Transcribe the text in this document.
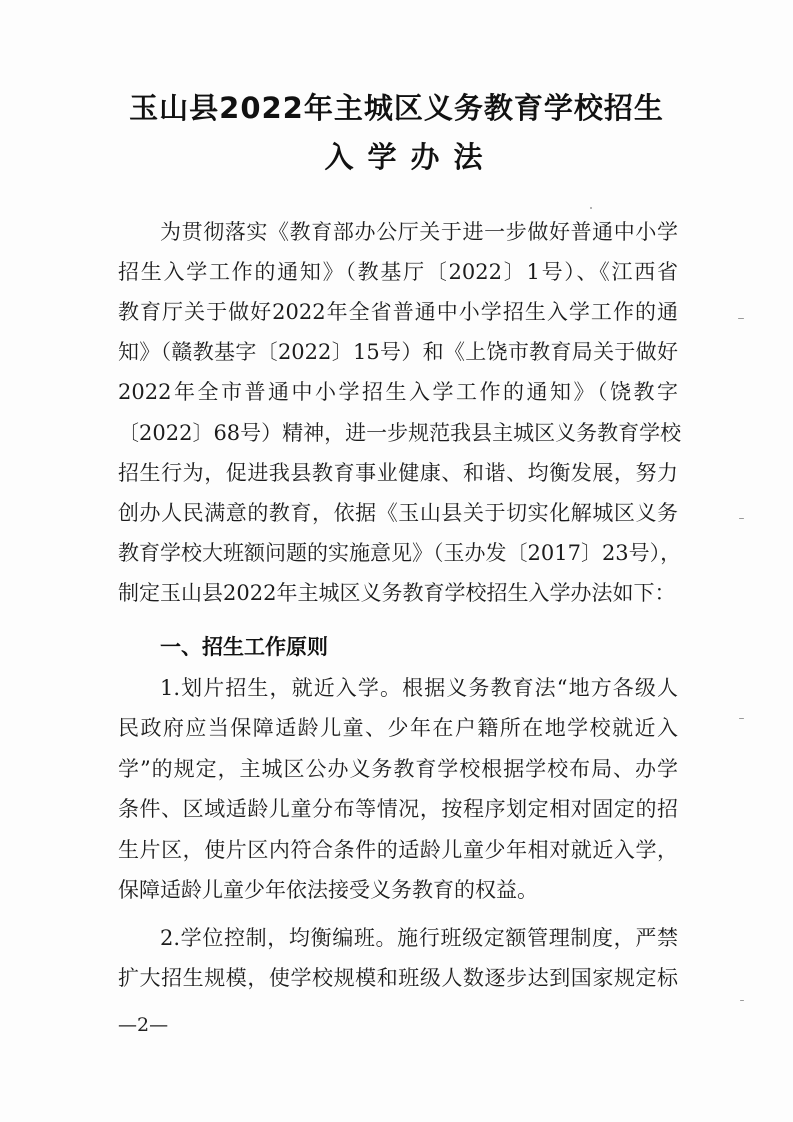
玉山县2022年主城区义务教育学校招生
入学办法
为贯彻落实《教育部办公厅关于进一步做好普通中小学
招生入学工作的通知》（教基厅〔2022〕1号）、《江西省
教育厅关于做好2022年全省普通中小学招生入学工作的通
知》（赣教基字〔2022〕15号）和《上饶市教育局关于做好
2022年全市普通中小学招生入学工作的通知》（饶教字
〔2022〕68号）精神，进一步规范我县主城区义务教育学校
招生行为，促进我县教育事业健康、和谐、均衡发展，努力
创办人民满意的教育，依据《玉山县关于切实化解城区义务
教育学校大班额问题的实施意见》（玉办发〔2017〕23号），
制定玉山县2022年主城区义务教育学校招生入学办法如下：
一、招生工作原则
1.划片招生，就近入学。根据义务教育法“地方各级人
民政府应当保障适龄儿童、少年在户籍所在地学校就近入
学”的规定，主城区公办义务教育学校根据学校布局、办学
条件、区域适龄儿童分布等情况，按程序划定相对固定的招
生片区，使片区内符合条件的适龄儿童少年相对就近入学，
保障适龄儿童少年依法接受义务教育的权益。
2.学位控制，均衡编班。施行班级定额管理制度，严禁
扩大招生规模，使学校规模和班级人数逐步达到国家规定标
—2—
